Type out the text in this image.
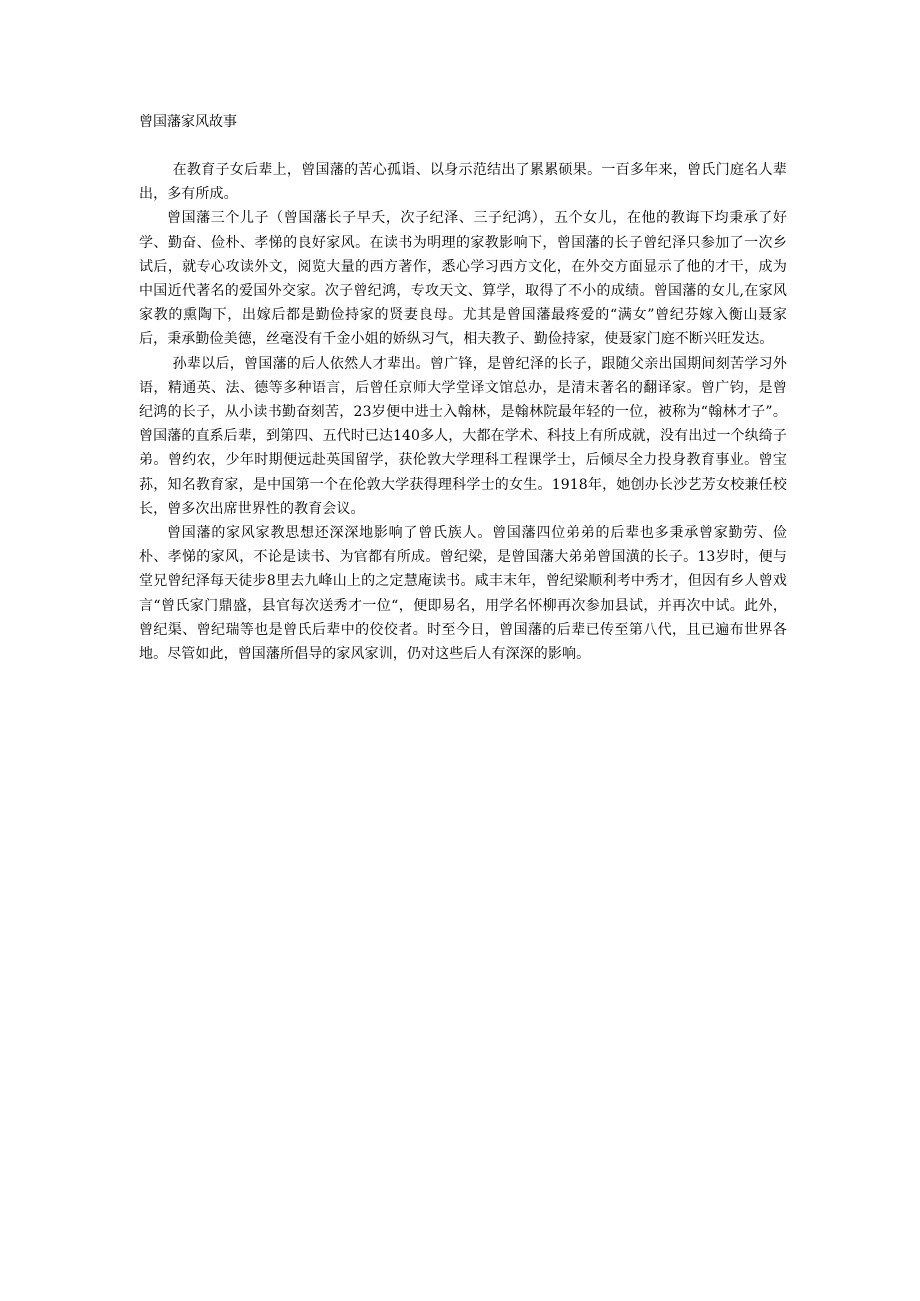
曾国藩家风故事

在教育子女后辈上，曾国藩的苦心孤诣、以身示范结出了累累硕果。一百多年来，曾氏门庭名人辈出，多有所成。

曾国藩三个儿子（曾国藩长子早夭，次子纪泽、三子纪鸿），五个女儿，在他的教诲下均秉承了好学、勤奋、俭朴、孝悌的良好家风。在读书为明理的家教影响下，曾国藩的长子曾纪泽只参加了一次乡试后，就专心攻读外文，阅览大量的西方著作，悉心学习西方文化，在外交方面显示了他的才干，成为中国近代著名的爱国外交家。次子曾纪鸿，专攻天文、算学，取得了不小的成绩。曾国藩的女儿,在家风家教的熏陶下，出嫁后都是勤俭持家的贤妻良母。尤其是曾国藩最疼爱的“满女”曾纪芬嫁入衡山聂家后，秉承勤俭美德，丝毫没有千金小姐的娇纵习气，相夫教子、勤俭持家，使聂家门庭不断兴旺发达。

孙辈以后，曾国藩的后人依然人才辈出。曾广锋，是曾纪泽的长子，跟随父亲出国期间刻苦学习外语，精通英、法、德等多种语言，后曾任京师大学堂译文馆总办，是清末著名的翻译家。曾广钧，是曾纪鸿的长子，从小读书勤奋刻苦，23岁便中进士入翰林，是翰林院最年轻的一位，被称为“翰林才子”。曾国藩的直系后辈，到第四、五代时已达140多人，大都在学术、科技上有所成就，没有出过一个纨绮子弟。曾约农，少年时期便远赴英国留学，获伦敦大学理科工程课学士，后倾尽全力投身教育事业。曾宝荪，知名教育家，是中国第一个在伦敦大学获得理科学士的女生。1918年，她创办长沙艺芳女校兼任校长，曾多次出席世界性的教育会议。

曾国藩的家风家教思想还深深地影响了曾氏族人。曾国藩四位弟弟的后辈也多秉承曾家勤劳、俭朴、孝悌的家风，不论是读书、为官都有所成。曾纪梁，是曾国藩大弟弟曾国潢的长子。13岁时，便与堂兄曾纪泽每天徒步8里去九峰山上的之定慧庵读书。咸丰末年，曾纪梁顺利考中秀才，但因有乡人曾戏言“曾氏家门鼎盛，县官每次送秀才一位“，便即易名，用学名怀柳再次参加县试，并再次中试。此外，曾纪渠、曾纪瑞等也是曾氏后辈中的佼佼者。时至今日，曾国藩的后辈已传至第八代，且已遍布世界各地。尽管如此，曾国藩所倡导的家风家训，仍对这些后人有深深的影响。
